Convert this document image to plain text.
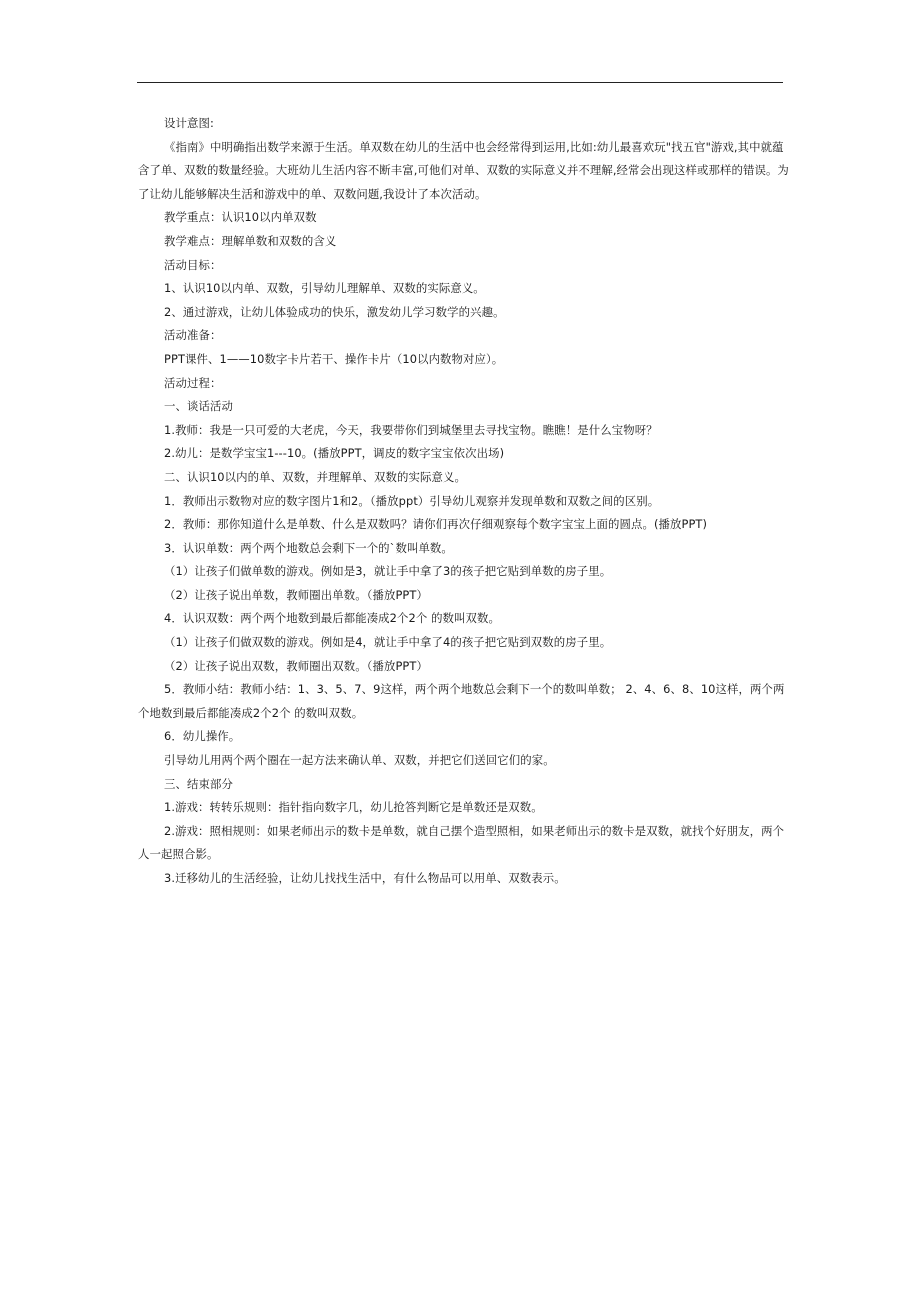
设计意图:

《指南》中明确指出数学来源于生活。单双数在幼儿的生活中也会经常得到运用,比如:幼儿最喜欢玩"找五官"游戏,其中就蕴含了单、双数的数量经验。大班幼儿生活内容不断丰富,可他们对单、双数的实际意义并不理解,经常会出现这样或那样的错误。为了让幼儿能够解决生活和游戏中的单、双数问题,我设计了本次活动。

教学重点：认识10以内单双数

教学难点：理解单数和双数的含义

活动目标：

1、认识10以内单、双数，引导幼儿理解单、双数的实际意义。

2、通过游戏，让幼儿体验成功的快乐，激发幼儿学习数学的兴趣。

活动准备：

PPT课件、1——10数字卡片若干、操作卡片（10以内数物对应）。

活动过程：

一、谈话活动

1.教师：我是一只可爱的大老虎，今天，我要带你们到城堡里去寻找宝物。瞧瞧！是什么宝物呀？

2.幼儿：是数学宝宝1---10。(播放PPT，调皮的数字宝宝依次出场)

二、认识10以内的单、双数，并理解单、双数的实际意义。

1．教师出示数物对应的数字图片1和2。（播放ppt）引导幼儿观察并发现单数和双数之间的区别。

2．教师：那你知道什么是单数、什么是双数吗？请你们再次仔细观察每个数字宝宝上面的圆点。(播放PPT)

3．认识单数：两个两个地数总会剩下一个的`数叫单数。

（1）让孩子们做单数的游戏。例如是3，就让手中拿了3的孩子把它贴到单数的房子里。

（2）让孩子说出单数，教师圈出单数。（播放PPT）

4．认识双数：两个两个地数到最后都能凑成2个2个 的数叫双数。

（1）让孩子们做双数的游戏。例如是4，就让手中拿了4的孩子把它贴到双数的房子里。

（2）让孩子说出双数，教师圈出双数。（播放PPT）

5．教师小结：教师小结：1、3、5、7、9这样，两个两个地数总会剩下一个的数叫单数； 2、4、6、8、10这样，两个两个地数到最后都能凑成2个2个 的数叫双数。

6．幼儿操作。

引导幼儿用两个两个圈在一起方法来确认单、双数，并把它们送回它们的家。

三、结束部分

1.游戏：转转乐规则：指针指向数字几，幼儿抢答判断它是单数还是双数。

2.游戏：照相规则：如果老师出示的数卡是单数，就自己摆个造型照相，如果老师出示的数卡是双数，就找个好朋友，两个人一起照合影。

3.迁移幼儿的生活经验，让幼儿找找生活中，有什么物品可以用单、双数表示。
